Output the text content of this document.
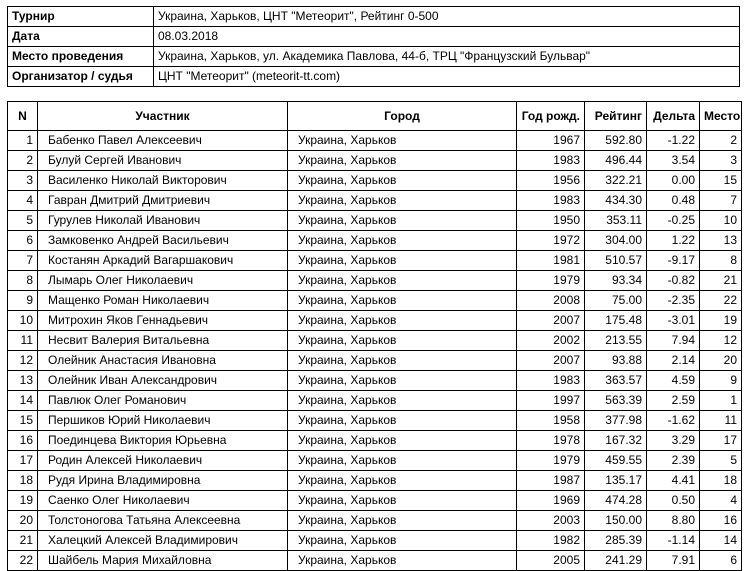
Турнир	Украина, Харьков, ЦНТ "Метеорит", Рейтинг 0-500
Дата	08.03.2018
Место проведения	Украина, Харьков, ул. Академика Павлова, 44-б, ТРЦ "Французский Бульвар"
Организатор / судья	ЦНТ "Метеорит" (meteorit-tt.com)
N	Участник	Город	Год рожд.	Рейтинг	Дельта	Место
1	Бабенко Павел Алексеевич	Украина, Харьков	1967	592.80	-1.22	2
2	Булуй Сергей Иванович	Украина, Харьков	1983	496.44	3.54	3
3	Василенко Николай Викторович	Украина, Харьков	1956	322.21	0.00	15
4	Гавран Дмитрий Дмитриевич	Украина, Харьков	1983	434.30	0.48	7
5	Гурулев Николай Иванович	Украина, Харьков	1950	353.11	-0.25	10
6	Замковенко Андрей Васильевич	Украина, Харьков	1972	304.00	1.22	13
7	Костанян Аркадий Вагаршакович	Украина, Харьков	1981	510.57	-9.17	8
8	Лымарь Олег Николаевич	Украина, Харьков	1979	93.34	-0.82	21
9	Мащенко Роман Николаевич	Украина, Харьков	2008	75.00	-2.35	22
10	Митрохин Яков Геннадьевич	Украина, Харьков	2007	175.48	-3.01	19
11	Несвит Валерия Витальевна	Украина, Харьков	2002	213.55	7.94	12
12	Олейник Анастасия Ивановна	Украина, Харьков	2007	93.88	2.14	20
13	Олейник Иван Александрович	Украина, Харьков	1983	363.57	4.59	9
14	Павлюк Олег Романович	Украина, Харьков	1997	563.39	2.59	1
15	Першиков Юрий Николаевич	Украина, Харьков	1958	377.98	-1.62	11
16	Поединцева Виктория Юрьевна	Украина, Харьков	1978	167.32	3.29	17
17	Родин Алексей Николаевич	Украина, Харьков	1979	459.55	2.39	5
18	Рудя Ирина Владимировна	Украина, Харьков	1987	135.17	4.41	18
19	Саенко Олег Николаевич	Украина, Харьков	1969	474.28	0.50	4
20	Толстоногова Татьяна Алексеевна	Украина, Харьков	2003	150.00	8.80	16
21	Халецкий Алексей Владимирович	Украина, Харьков	1982	285.39	-1.14	14
22	Шайбель Мария Михайловна	Украина, Харьков	2005	241.29	7.91	6
